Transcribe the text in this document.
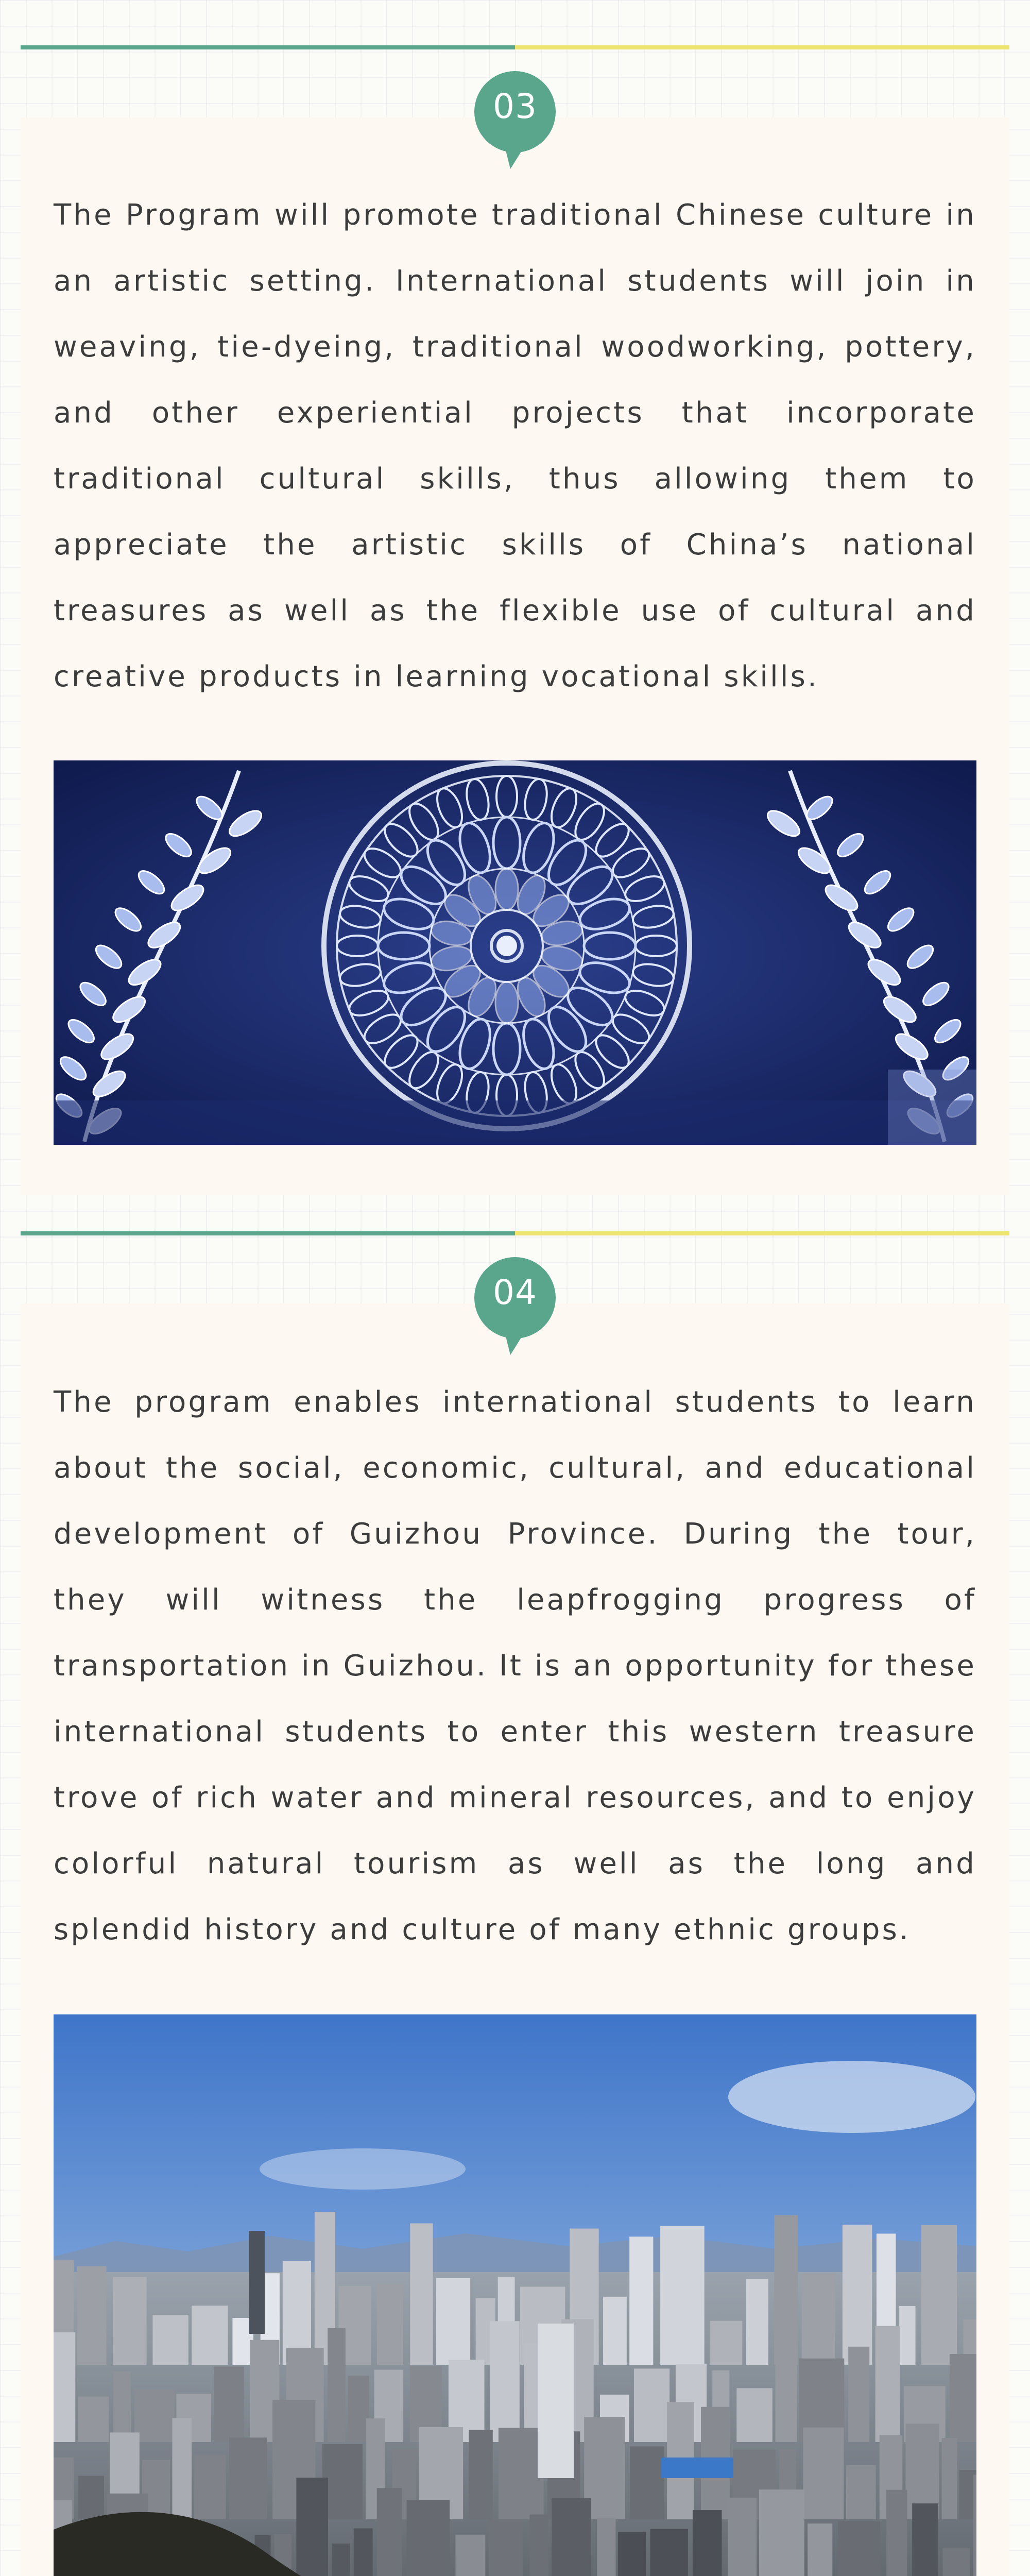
03

The Program will promote traditional Chinese culture in an artistic setting. International students will join in weaving, tie-dyeing, traditional woodworking, pottery, and other experiential projects that incorporate traditional cultural skills, thus allowing them to appreciate the artistic skills of China’s national treasures as well as the flexible use of cultural and creative products in learning vocational skills.

04

The program enables international students to learn about the social, economic, cultural, and educational development of Guizhou Province. During the tour, they will witness the leapfrogging progress of transportation in Guizhou. It is an opportunity for these international students to enter this western treasure trove of rich water and mineral resources, and to enjoy colorful natural tourism as well as the long and splendid history and culture of many ethnic groups.
